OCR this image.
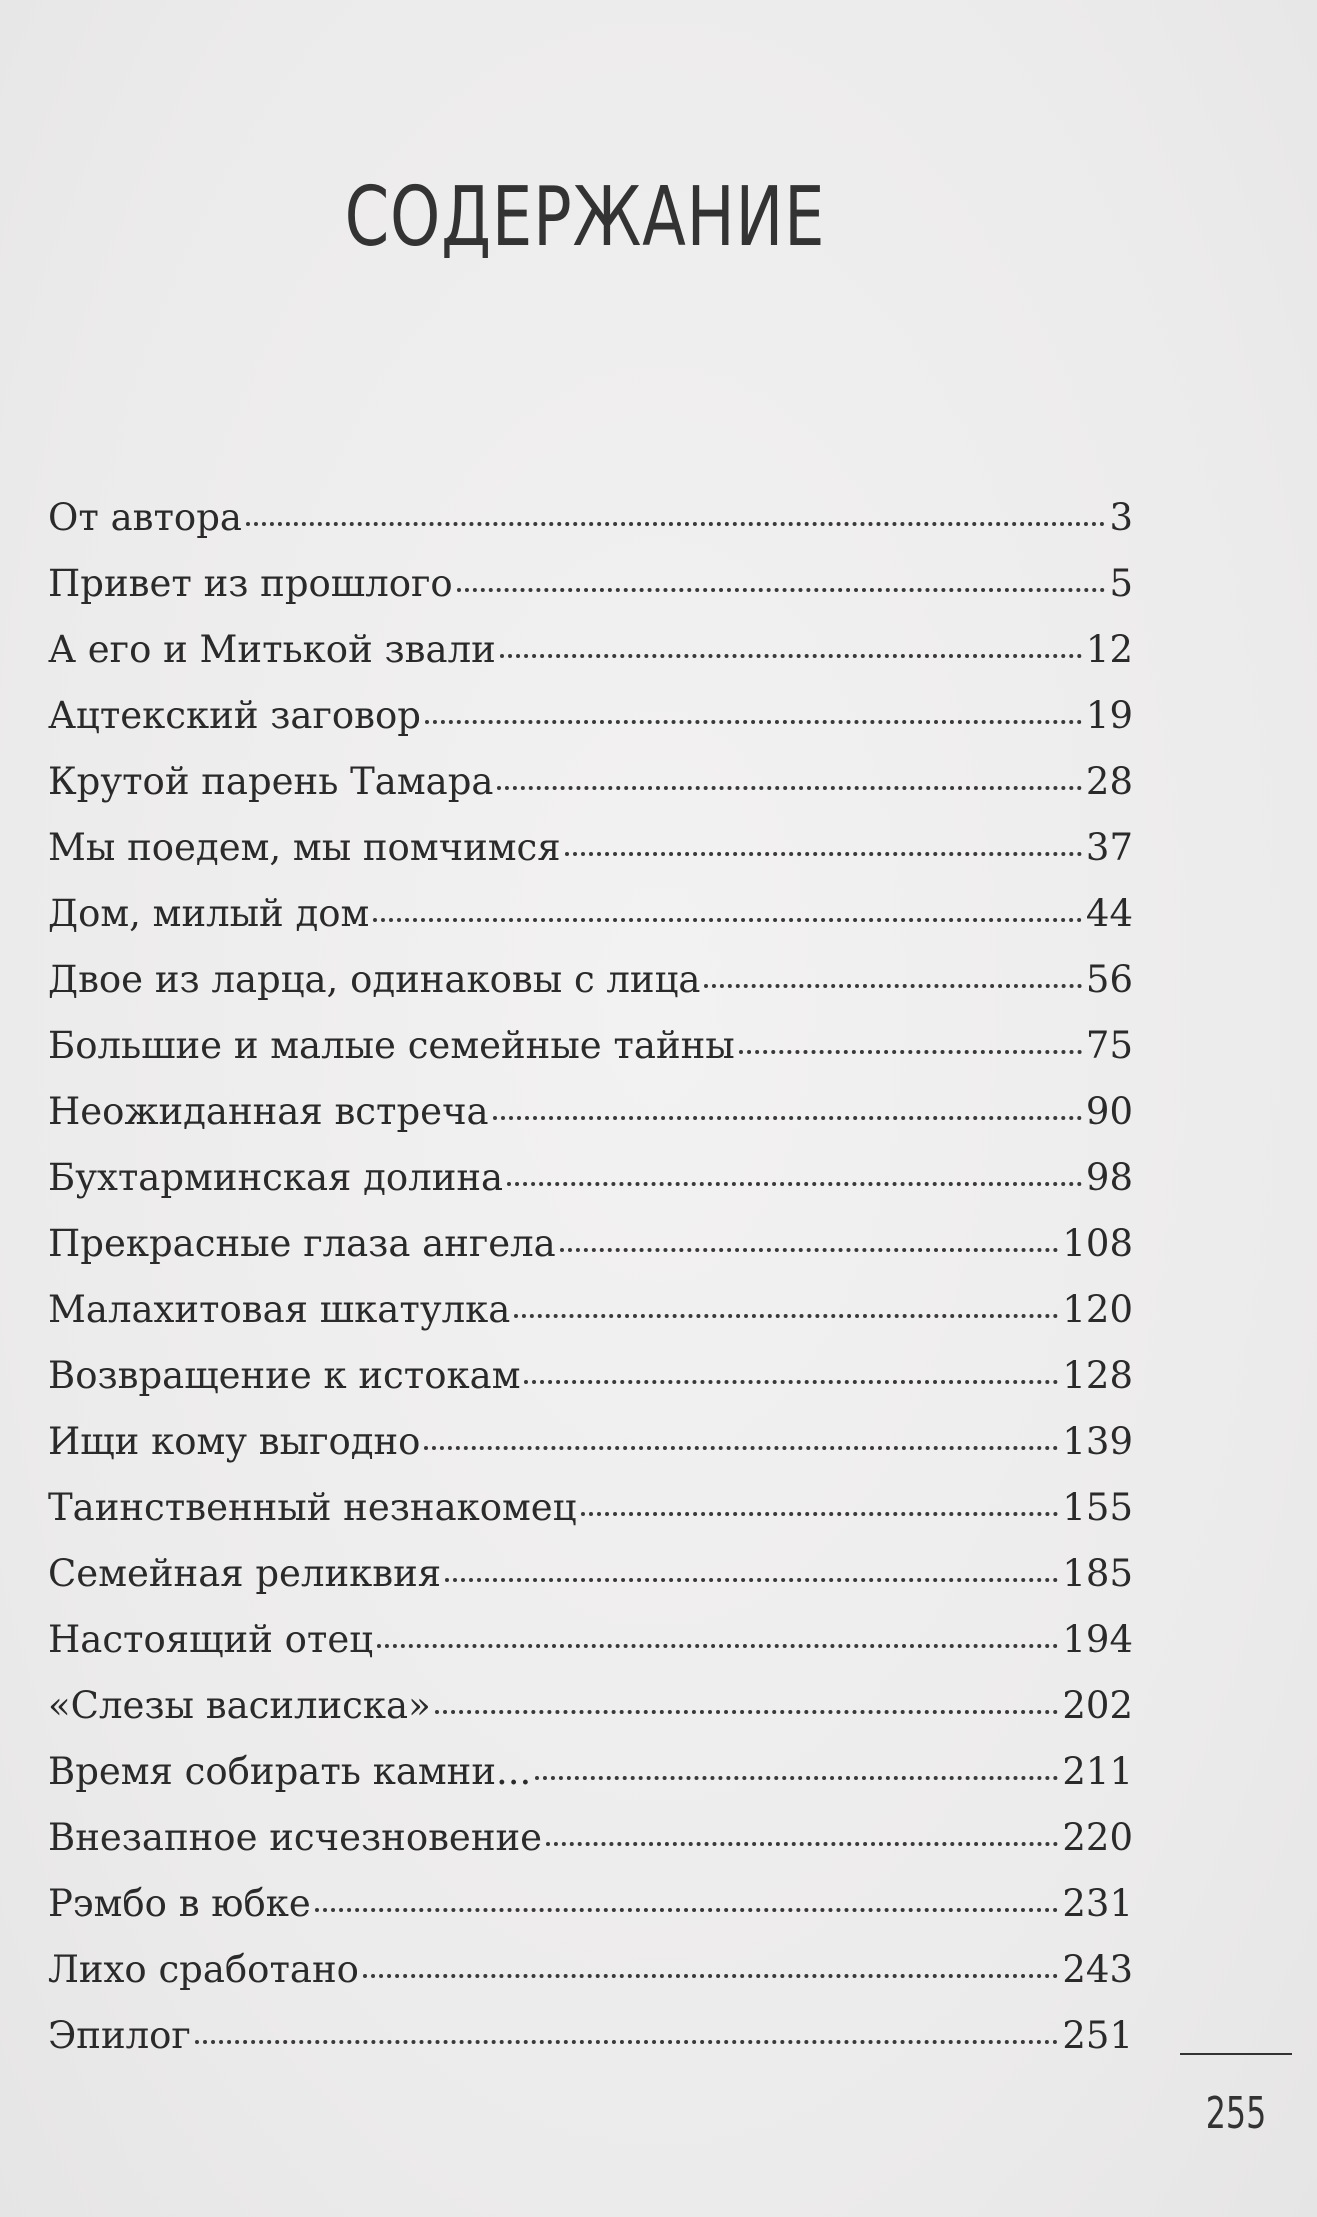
СОДЕРЖАНИЕ
От автора	3
Привет из прошлого	5
А его и Митькой звали	12
Ацтекский заговор	19
Крутой парень Тамара	28
Мы поедем, мы помчимся	37
Дом, милый дом	44
Двое из ларца, одинаковы с лица	56
Большие и малые семейные тайны	75
Неожиданная встреча	90
Бухтарминская долина	98
Прекрасные глаза ангела	108
Малахитовая шкатулка	120
Возвращение к истокам	128
Ищи кому выгодно	139
Таинственный незнакомец	155
Семейная реликвия	185
Настоящий отец	194
«Слезы василиска»	202
Время собирать камни...	211
Внезапное исчезновение	220
Рэмбо в юбке	231
Лихо сработано	243
Эпилог	251
255
